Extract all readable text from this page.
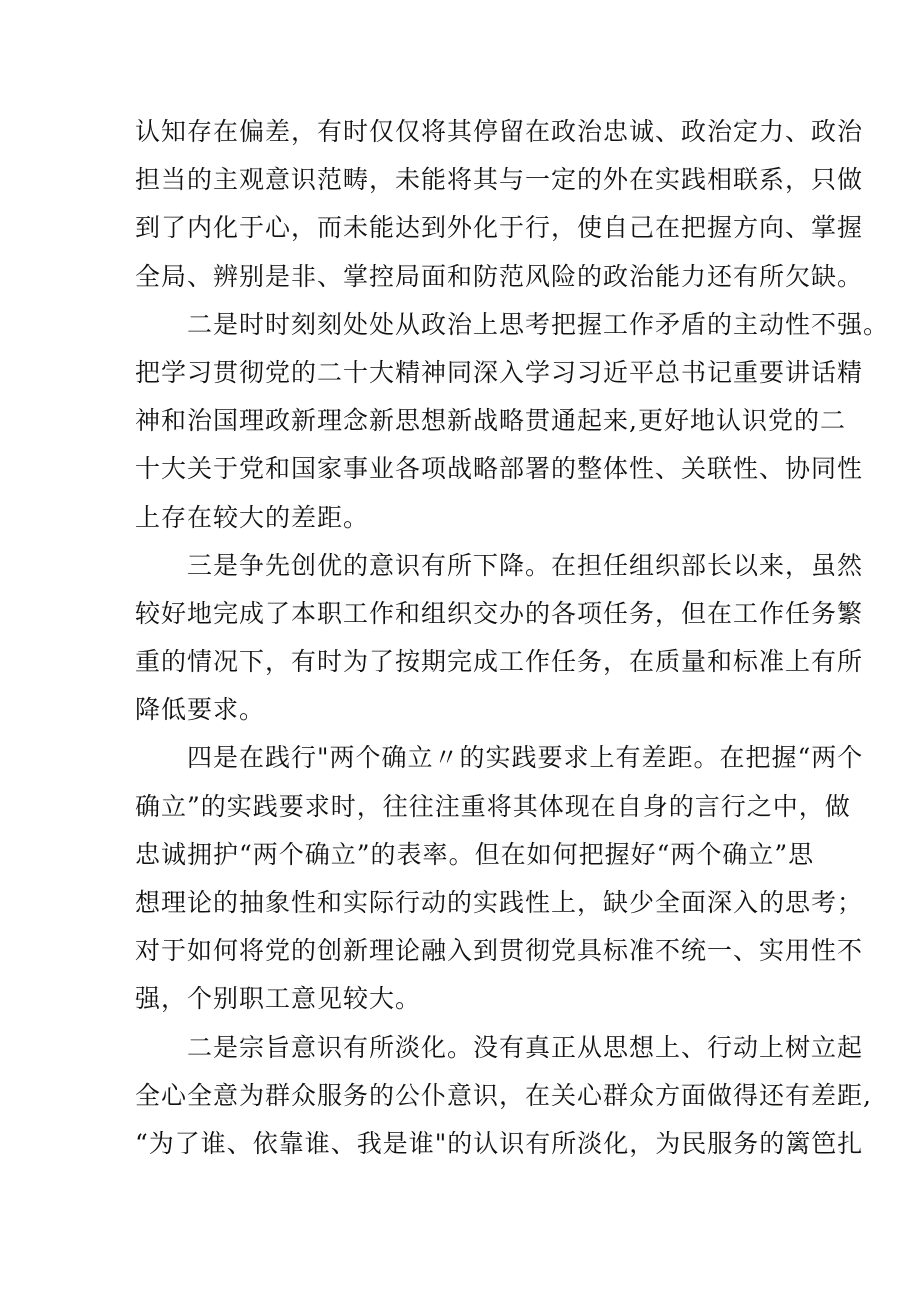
认知存在偏差，有时仅仅将其停留在政治忠诚、政治定力、政治
担当的主观意识范畴，未能将其与一定的外在实践相联系，只做
到了内化于心，而未能达到外化于行，使自己在把握方向、掌握
全局、辨别是非、掌控局面和防范风险的政治能力还有所欠缺。
二是时时刻刻处处从政治上思考把握工作矛盾的主动性不强。
把学习贯彻党的二十大精神同深入学习习近平总书记重要讲话精
神和治国理政新理念新思想新战略贯通起来,更好地认识党的二
十大关于党和国家事业各项战略部署的整体性、关联性、协同性
上存在较大的差距。
三是争先创优的意识有所下降。在担任组织部长以来，虽然
较好地完成了本职工作和组织交办的各项任务，但在工作任务繁
重的情况下，有时为了按期完成工作任务，在质量和标准上有所
降低要求。
四是在践行"两个确立〃的实践要求上有差距。在把握“两个
确立”的实践要求时，往往注重将其体现在自身的言行之中，做
忠诚拥护“两个确立”的表率。但在如何把握好“两个确立”思
想理论的抽象性和实际行动的实践性上，缺少全面深入的思考；
对于如何将党的创新理论融入到贯彻党具标准不统一、实用性不
强，个别职工意见较大。
二是宗旨意识有所淡化。没有真正从思想上、行动上树立起
全心全意为群众服务的公仆意识，在关心群众方面做得还有差距,
“为了谁、依靠谁、我是谁"的认识有所淡化，为民服务的篱笆扎
